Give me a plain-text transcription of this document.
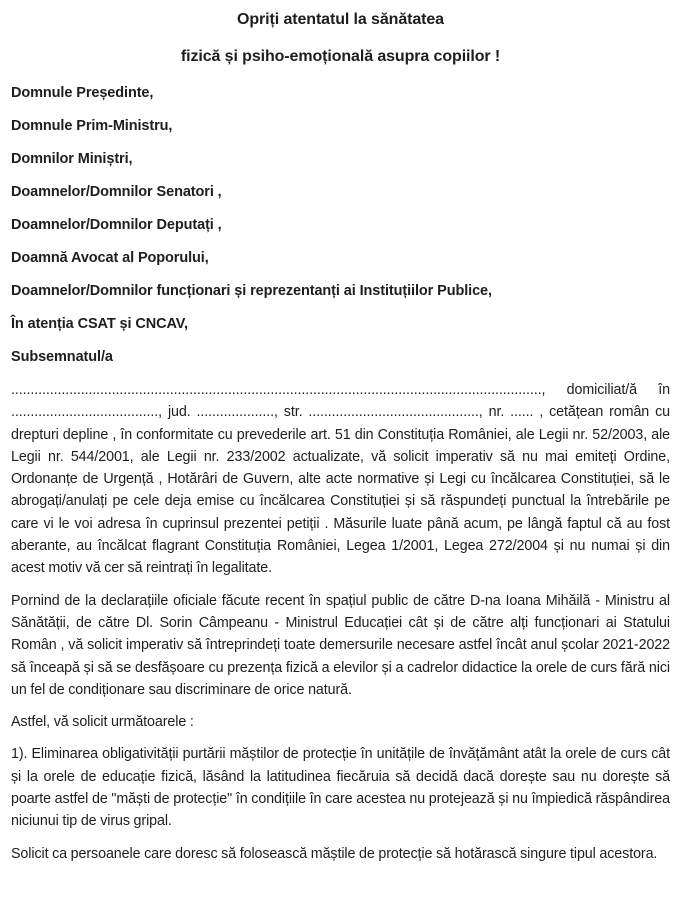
Opriți atentatul la sănătatea

fizică și psiho-emoțională asupra copiilor !

Domnule Președinte,

Domnule Prim-Ministru,

Domnilor Miniștri,

Doamnelor/Domnilor Senatori ,

Doamnelor/Domnilor Deputați ,

Doamnă Avocat al Poporului,

Doamnelor/Domnilor funcționari și reprezentanți ai Instituțiilor Publice,

În atenția CSAT și CNCAV,

Subsemnatul/a

........................................................................................................................................., domiciliat/ă în ......................................, jud. ...................., str. ............................................, nr. ...... , cetățean român cu drepturi depline , în conformitate cu prevederile art. 51 din Constituția României, ale Legii nr. 52/2003, ale Legii nr. 544/2001, ale Legii nr. 233/2002 actualizate, vă solicit imperativ să nu mai emiteți Ordine, Ordonanțe de Urgență , Hotărâri de Guvern, alte acte normative și Legi cu încălcarea Constituției, să le abrogați/anulați pe cele deja emise cu încălcarea Constituției și să răspundeți punctual la întrebările pe care vi le voi adresa în cuprinsul prezentei petiții . Măsurile luate până acum, pe lângă faptul că au fost aberante, au încălcat flagrant Constituția României, Legea 1/2001, Legea 272/2004 și nu numai și din acest motiv vă cer să reintrați în legalitate.

Pornind de la declarațiile oficiale făcute recent în spațiul public de către D-na Ioana Mihăilă - Ministru al Sănătății, de către Dl. Sorin Câmpeanu - Ministrul Educației cât și de către alți funcționari ai Statului Român , vă solicit imperativ să întreprindeți toate demersurile necesare astfel încât anul școlar 2021-2022 să înceapă și să se desfășoare cu prezența fizică a elevilor și a cadrelor didactice la orele de curs fără nici un fel de condiționare sau discriminare de orice natură.

Astfel, vă solicit următoarele :

1). Eliminarea obligativității purtării măștilor de protecție în unitățile de învățământ atât la orele de curs cât și la orele de educație fizică, lăsând la latitudinea fiecăruia să decidă dacă dorește sau nu dorește să poarte astfel de "măști de protecție" în condițiile în care acestea nu protejează și nu împiedică răspândirea niciunui tip de virus gripal.

Solicit ca persoanele care doresc să folosească măștile de protecție să hotărască singure tipul acestora.
